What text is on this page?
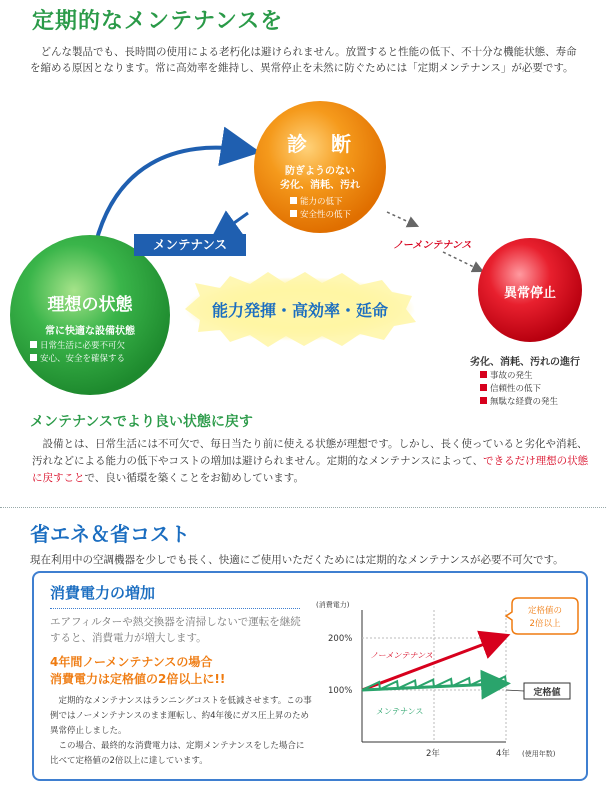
定期的なメンテナンスを
　どんな製品でも、長時間の使用による老朽化は避けられません。放置すると性能の低下、不十分な機能状態、寿命を縮める原因となります。常に高効率を維持し、異常停止を未然に防ぐためには「定期メンテナンス」が必要です。
診　断
防ぎようのない
劣化、消耗、汚れ
能力の低下
安全性の低下
メンテナンス	ノーメンテナンス
理想の状態
常に快適な設備状態
日常生活に必要不可欠
安心、安全を確保する
能力発揮・高効率・延命
異常停止
劣化、消耗、汚れの進行
事故の発生
信頼性の低下
無駄な経費の発生
メンテナンスでより良い状態に戻す
　設備とは、日常生活には不可欠で、毎日当たり前に使える状態が理想です。しかし、長く使っていると劣化や消耗、汚れなどによる能力の低下やコストの増加は避けられません。定期的なメンテナンスによって、できるだけ理想の状態に戻すことで、良い循環を築くことをお勧めしています。
省エネ＆省コスト
現在利用中の空調機器を少しでも長く、快適にご使用いただくためには定期的なメンテナンスが必要不可欠です。
消費電力の増加
エアフィルターや熱交換器を清掃しないで運転を継続すると、消費電力が増大します。
4年間ノーメンテナンスの場合
消費電力は定格値の2倍以上に!!
　定期的なメンテナンスはランニングコストを低減させます。この事例ではノーメンテナンスのまま運転し、約4年後にガス圧上昇のため異常停止しました。
　この場合、最終的な消費電力は、定期メンテナンスをした場合に比べて定格値の2倍以上に達しています。
(消費電力)
200%
100%
2年	4年 (使用年数)
ノーメンテナンス
メンテナンス
定格値
定格値の
2倍以上
